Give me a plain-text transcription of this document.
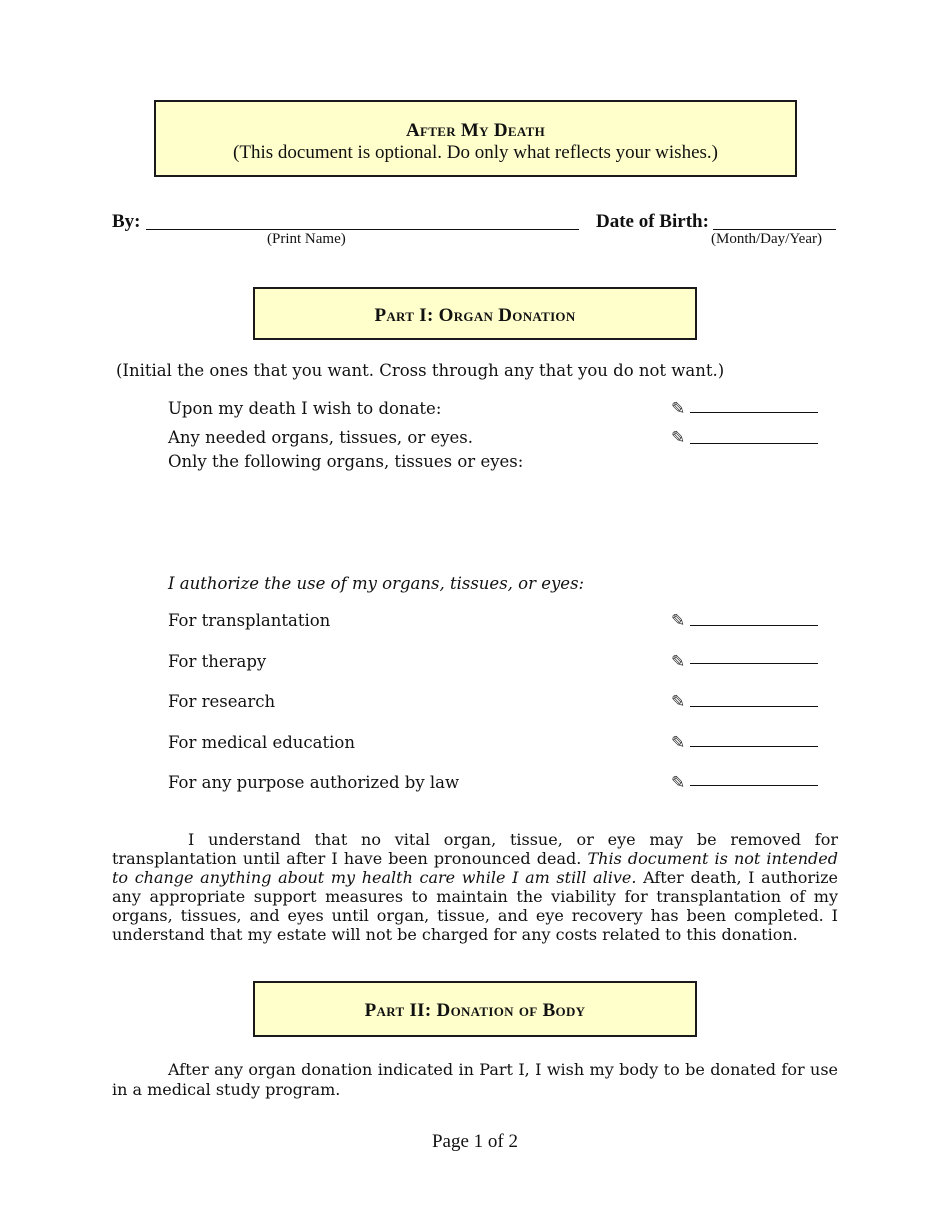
After My Death
(This document is optional. Do only what reflects your wishes.)
By:
(Print Name)
Date of Birth:
(Month/Day/Year)
Part I: Organ Donation
(Initial the ones that you want. Cross through any that you do not want.)
Upon my death I wish to donate:	✎
Any needed organs, tissues, or eyes.	✎
Only the following organs, tissues or eyes:
I authorize the use of my organs, tissues, or eyes:
For transplantation	✎
For therapy	✎
For research	✎
For medical education	✎
For any purpose authorized by law	✎
I understand that no vital organ, tissue, or eye may be removed for transplantation until after I have been pronounced dead. This document is not intended to change anything about my health care while I am still alive. After death, I authorize any appropriate support measures to maintain the viability for transplantation of my organs, tissues, and eyes until organ, tissue, and eye recovery has been completed. I understand that my estate will not be charged for any costs related to this donation.
Part II: Donation of Body
After any organ donation indicated in Part I, I wish my body to be donated for use in a medical study program.
Page 1 of 2
